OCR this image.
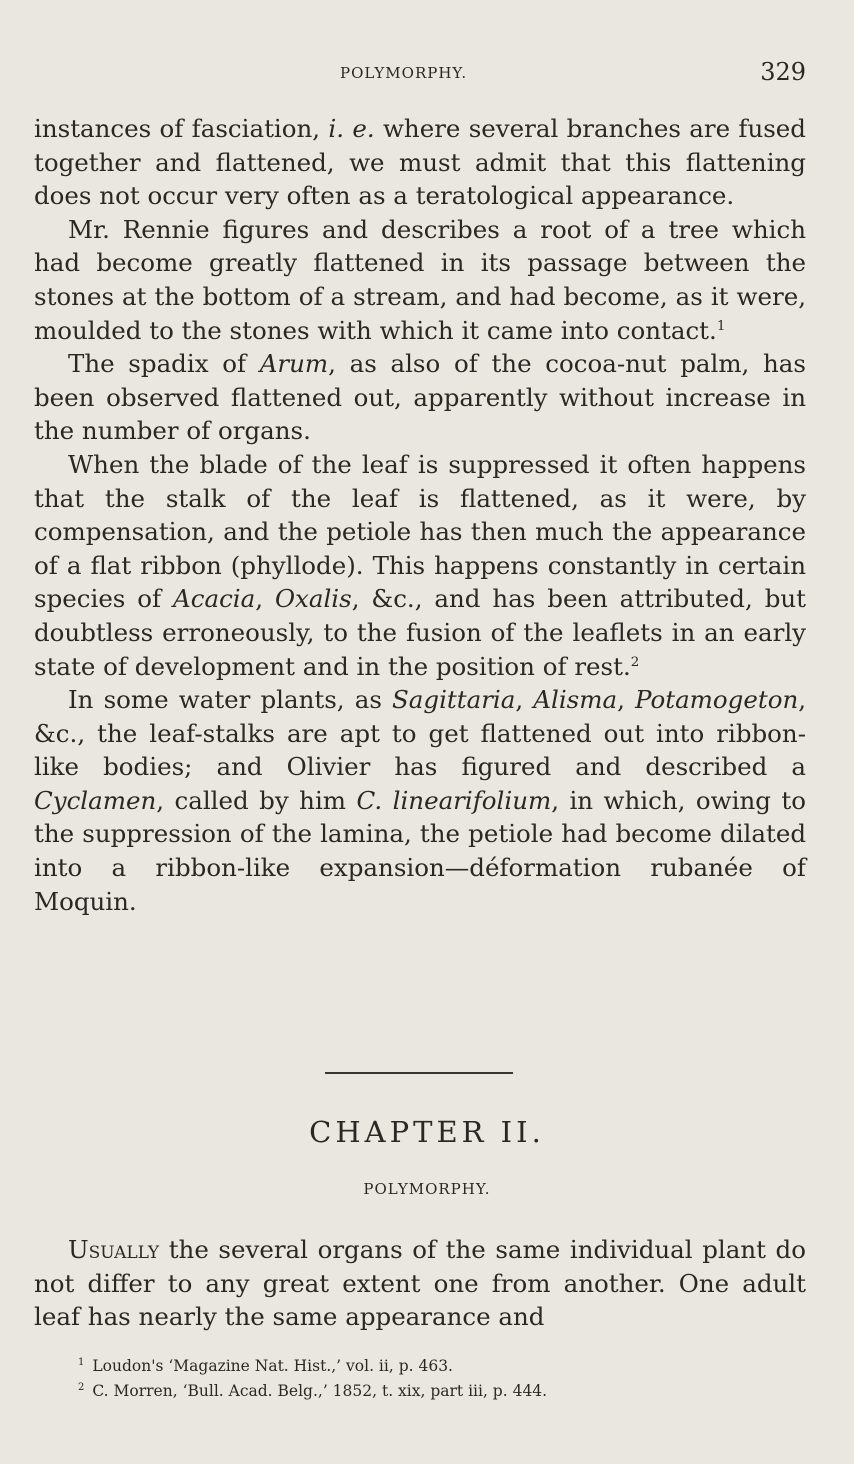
POLYMORPHY.	329

instances of fasciation, i. e. where several branches are fused together and flattened, we must admit that this flattening does not occur very often as a teratological appearance.

Mr. Rennie figures and describes a root of a tree which had become greatly flattened in its passage between the stones at the bottom of a stream, and had become, as it were, moulded to the stones with which it came into contact.$^1$

The spadix of Arum, as also of the cocoa-nut palm, has been observed flattened out, apparently without increase in the number of organs.

When the blade of the leaf is suppressed it often happens that the stalk of the leaf is flattened, as it were, by compensation, and the petiole has then much the appearance of a flat ribbon (phyllode). This happens constantly in certain species of Acacia, Oxalis, &c., and has been attributed, but doubtless erroneously, to the fusion of the leaflets in an early state of development and in the position of rest.$^2$

In some water plants, as Sagittaria, Alisma, Potamogeton, &c., the leaf-stalks are apt to get flattened out into ribbon-like bodies; and Olivier has figured and described a Cyclamen, called by him C. linearifolium, in which, owing to the suppression of the lamina, the petiole had become dilated into a ribbon-like expansion—déformation rubanée of Moquin.

CHAPTER II.
POLYMORPHY.

Usually the several organs of the same individual plant do not differ to any great extent one from another. One adult leaf has nearly the same appearance and

$^1$ Loudon's ‘Magazine Nat. Hist.,’ vol. ii, p. 463.
$^2$ C. Morren, ‘Bull. Acad. Belg.,’ 1852, t. xix, part iii, p. 444.
